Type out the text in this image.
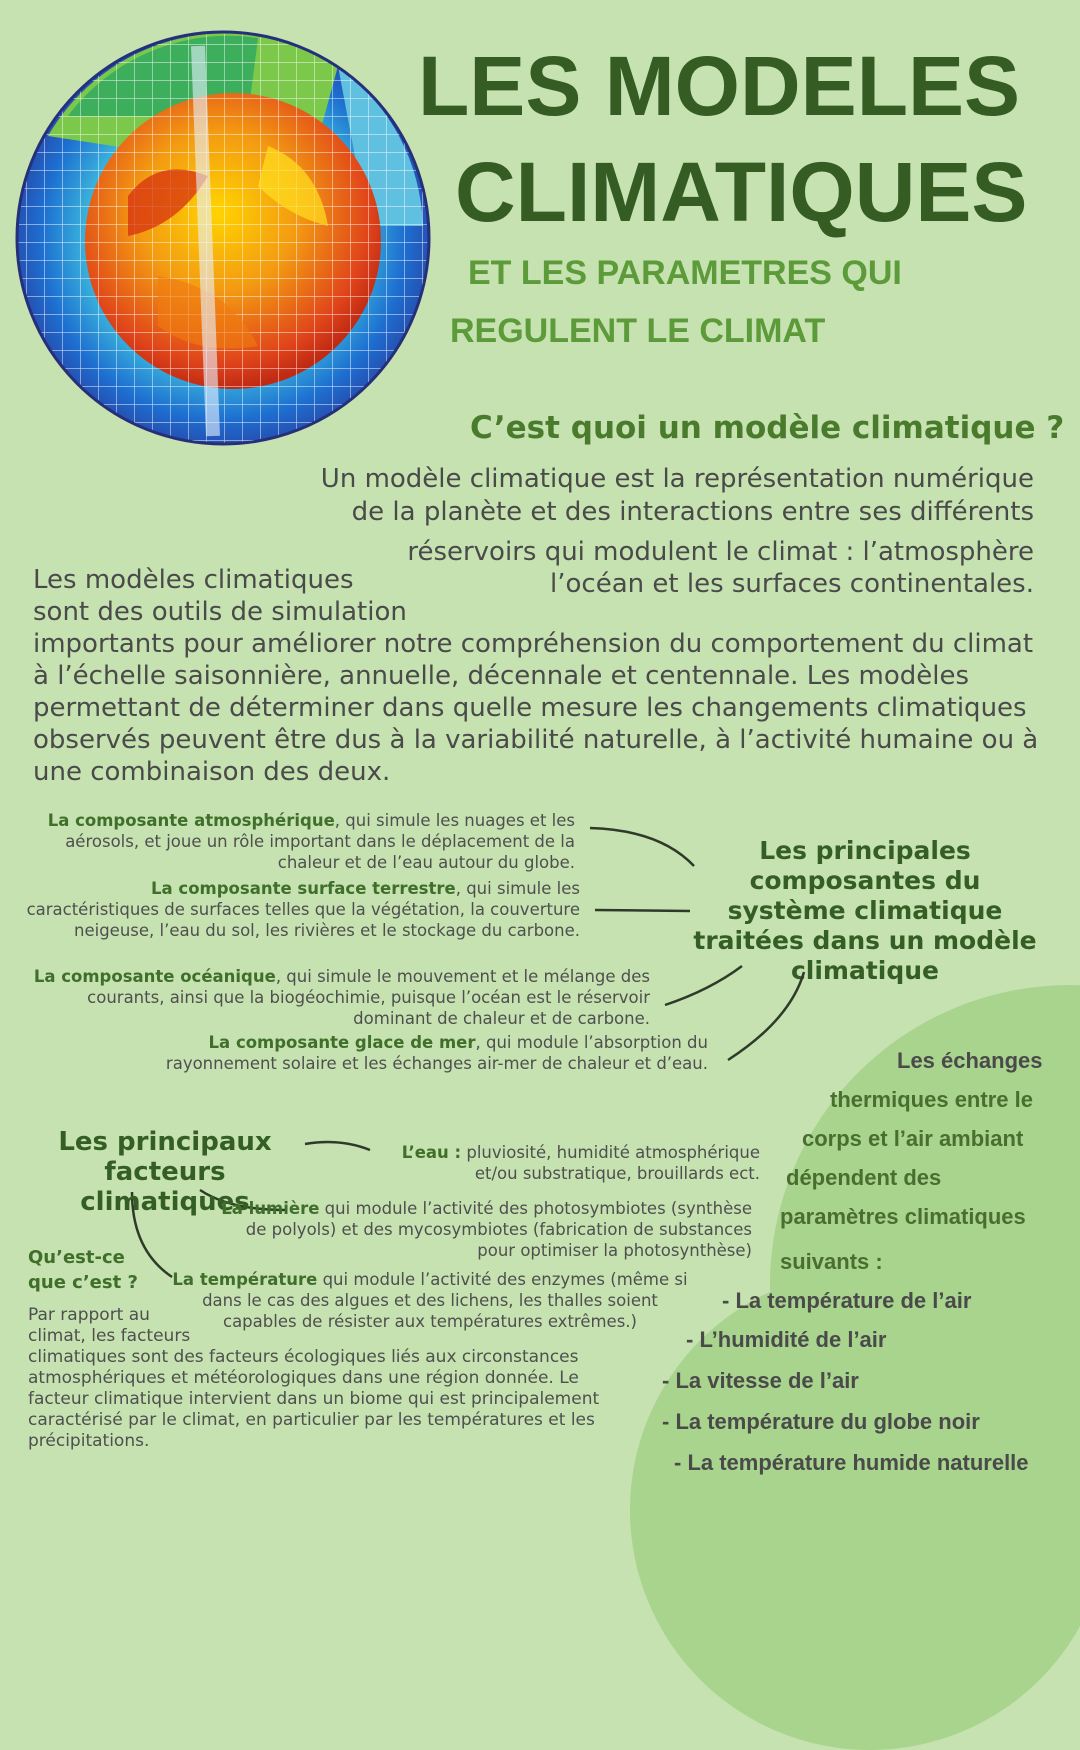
LES MODELES
CLIMATIQUES
ET LES PARAMETRES QUI
REGULENT LE CLIMAT
C’est quoi un modèle climatique ?
Un modèle climatique est la représentation numérique
de la planète et des interactions entre ses différents
réservoirs qui modulent le climat : l’atmosphère
l’océan et les surfaces continentales.
Les modèles climatiques
sont des outils de simulation
importants pour améliorer notre compréhension du comportement du climat à l’échelle saisonnière, annuelle, décennale et centennale. Les modèles permettant de déterminer dans quelle mesure les changements climatiques observés peuvent être dus à la variabilité naturelle, à l’activité humaine ou à une combinaison des deux.
La composante atmosphérique, qui simule les nuages et les aérosols, et joue un rôle important dans le déplacement de la chaleur et de l’eau autour du globe.
La composante surface terrestre, qui simule les caractéristiques de surfaces telles que la végétation, la couverture neigeuse, l’eau du sol, les rivières et le stockage du carbone.
La composante océanique, qui simule le mouvement et le mélange des courants, ainsi que la biogéochimie, puisque l’océan est le réservoir dominant de chaleur et de carbone.
La composante glace de mer, qui module l’absorption du rayonnement solaire et les échanges air-mer de chaleur et d’eau.
Les principales composantes du système climatique traitées dans un modèle climatique
Les principaux
facteurs climatiques
L’eau : pluviosité, humidité atmosphérique et/ou substratique, brouillards ect.
La lumière qui module l’activité des photosymbiotes (synthèse de polyols) et des mycosymbiotes (fabrication de substances pour optimiser la photosynthèse)
La température qui module l’activité des enzymes (même si dans le cas des algues et des lichens, les thalles soient capables de résister aux températures extrêmes.)
Qu’est-ce
que c’est ?
Par rapport au
climat, les facteurs
climatiques sont des facteurs écologiques liés aux circonstances atmosphériques et météorologiques dans une région donnée. Le facteur climatique intervient dans un biome qui est principalement caractérisé par le climat, en particulier par les températures et les précipitations.
Les échanges
thermiques entre le
corps et l’air ambiant
dépendent des
paramètres climatiques
suivants :
- La température de l’air
- L’humidité de l’air
- La vitesse de l’air
- La température du globe noir
- La température humide naturelle
